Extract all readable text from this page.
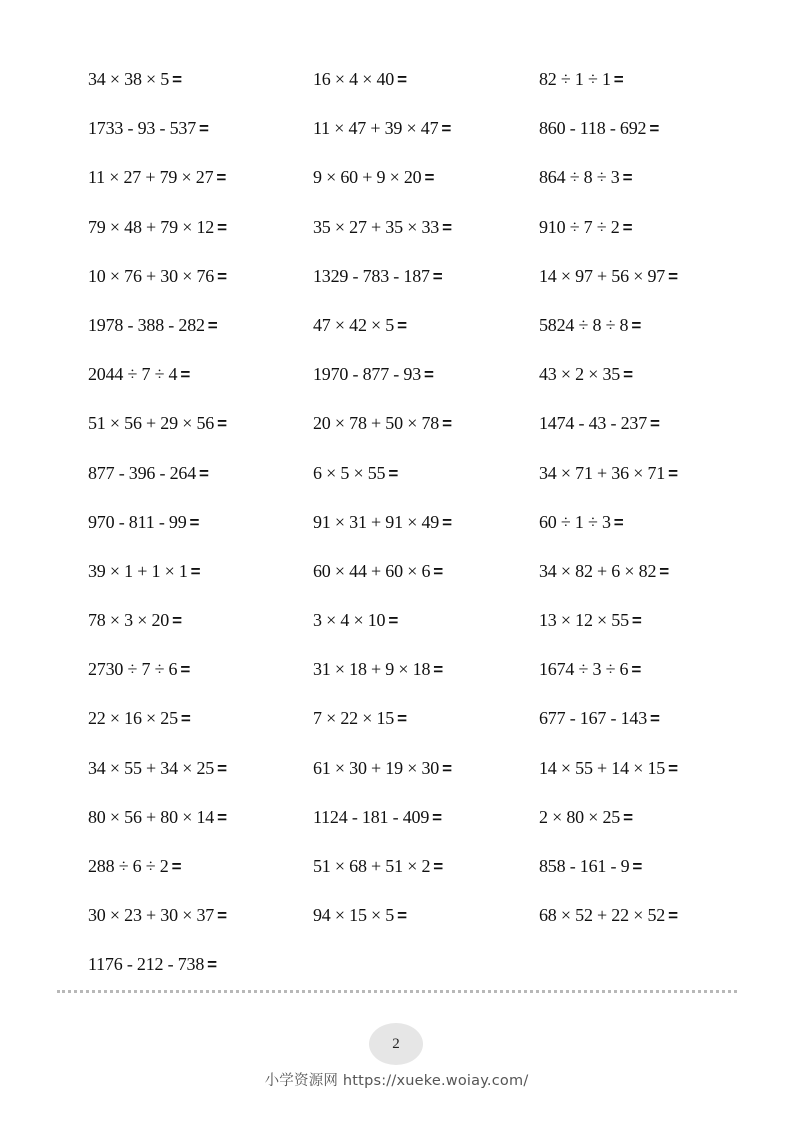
34 × 38 × 5 =	16 × 4 × 40 =	82 ÷ 1 ÷ 1 =
1733 - 93 - 537 =	11 × 47 + 39 × 47 =	860 - 118 - 692 =
11 × 27 + 79 × 27 =	9 × 60 + 9 × 20 =	864 ÷ 8 ÷ 3 =
79 × 48 + 79 × 12 =	35 × 27 + 35 × 33 =	910 ÷ 7 ÷ 2 =
10 × 76 + 30 × 76 =	1329 - 783 - 187 =	14 × 97 + 56 × 97 =
1978 - 388 - 282 =	47 × 42 × 5 =	5824 ÷ 8 ÷ 8 =
2044 ÷ 7 ÷ 4 =	1970 - 877 - 93 =	43 × 2 × 35 =
51 × 56 + 29 × 56 =	20 × 78 + 50 × 78 =	1474 - 43 - 237 =
877 - 396 - 264 =	6 × 5 × 55 =	34 × 71 + 36 × 71 =
970 - 811 - 99 =	91 × 31 + 91 × 49 =	60 ÷ 1 ÷ 3 =
39 × 1 + 1 × 1 =	60 × 44 + 60 × 6 =	34 × 82 + 6 × 82 =
78 × 3 × 20 =	3 × 4 × 10 =	13 × 12 × 55 =
2730 ÷ 7 ÷ 6 =	31 × 18 + 9 × 18 =	1674 ÷ 3 ÷ 6 =
22 × 16 × 25 =	7 × 22 × 15 =	677 - 167 - 143 =
34 × 55 + 34 × 25 =	61 × 30 + 19 × 30 =	14 × 55 + 14 × 15 =
80 × 56 + 80 × 14 =	1124 - 181 - 409 =	2 × 80 × 25 =
288 ÷ 6 ÷ 2 =	51 × 68 + 51 × 2 =	858 - 161 - 9 =
30 × 23 + 30 × 37 =	94 × 15 × 5 =	68 × 52 + 22 × 52 =
1176 - 212 - 738 =
2
小学资源网 https://xueke.woiay.com/
